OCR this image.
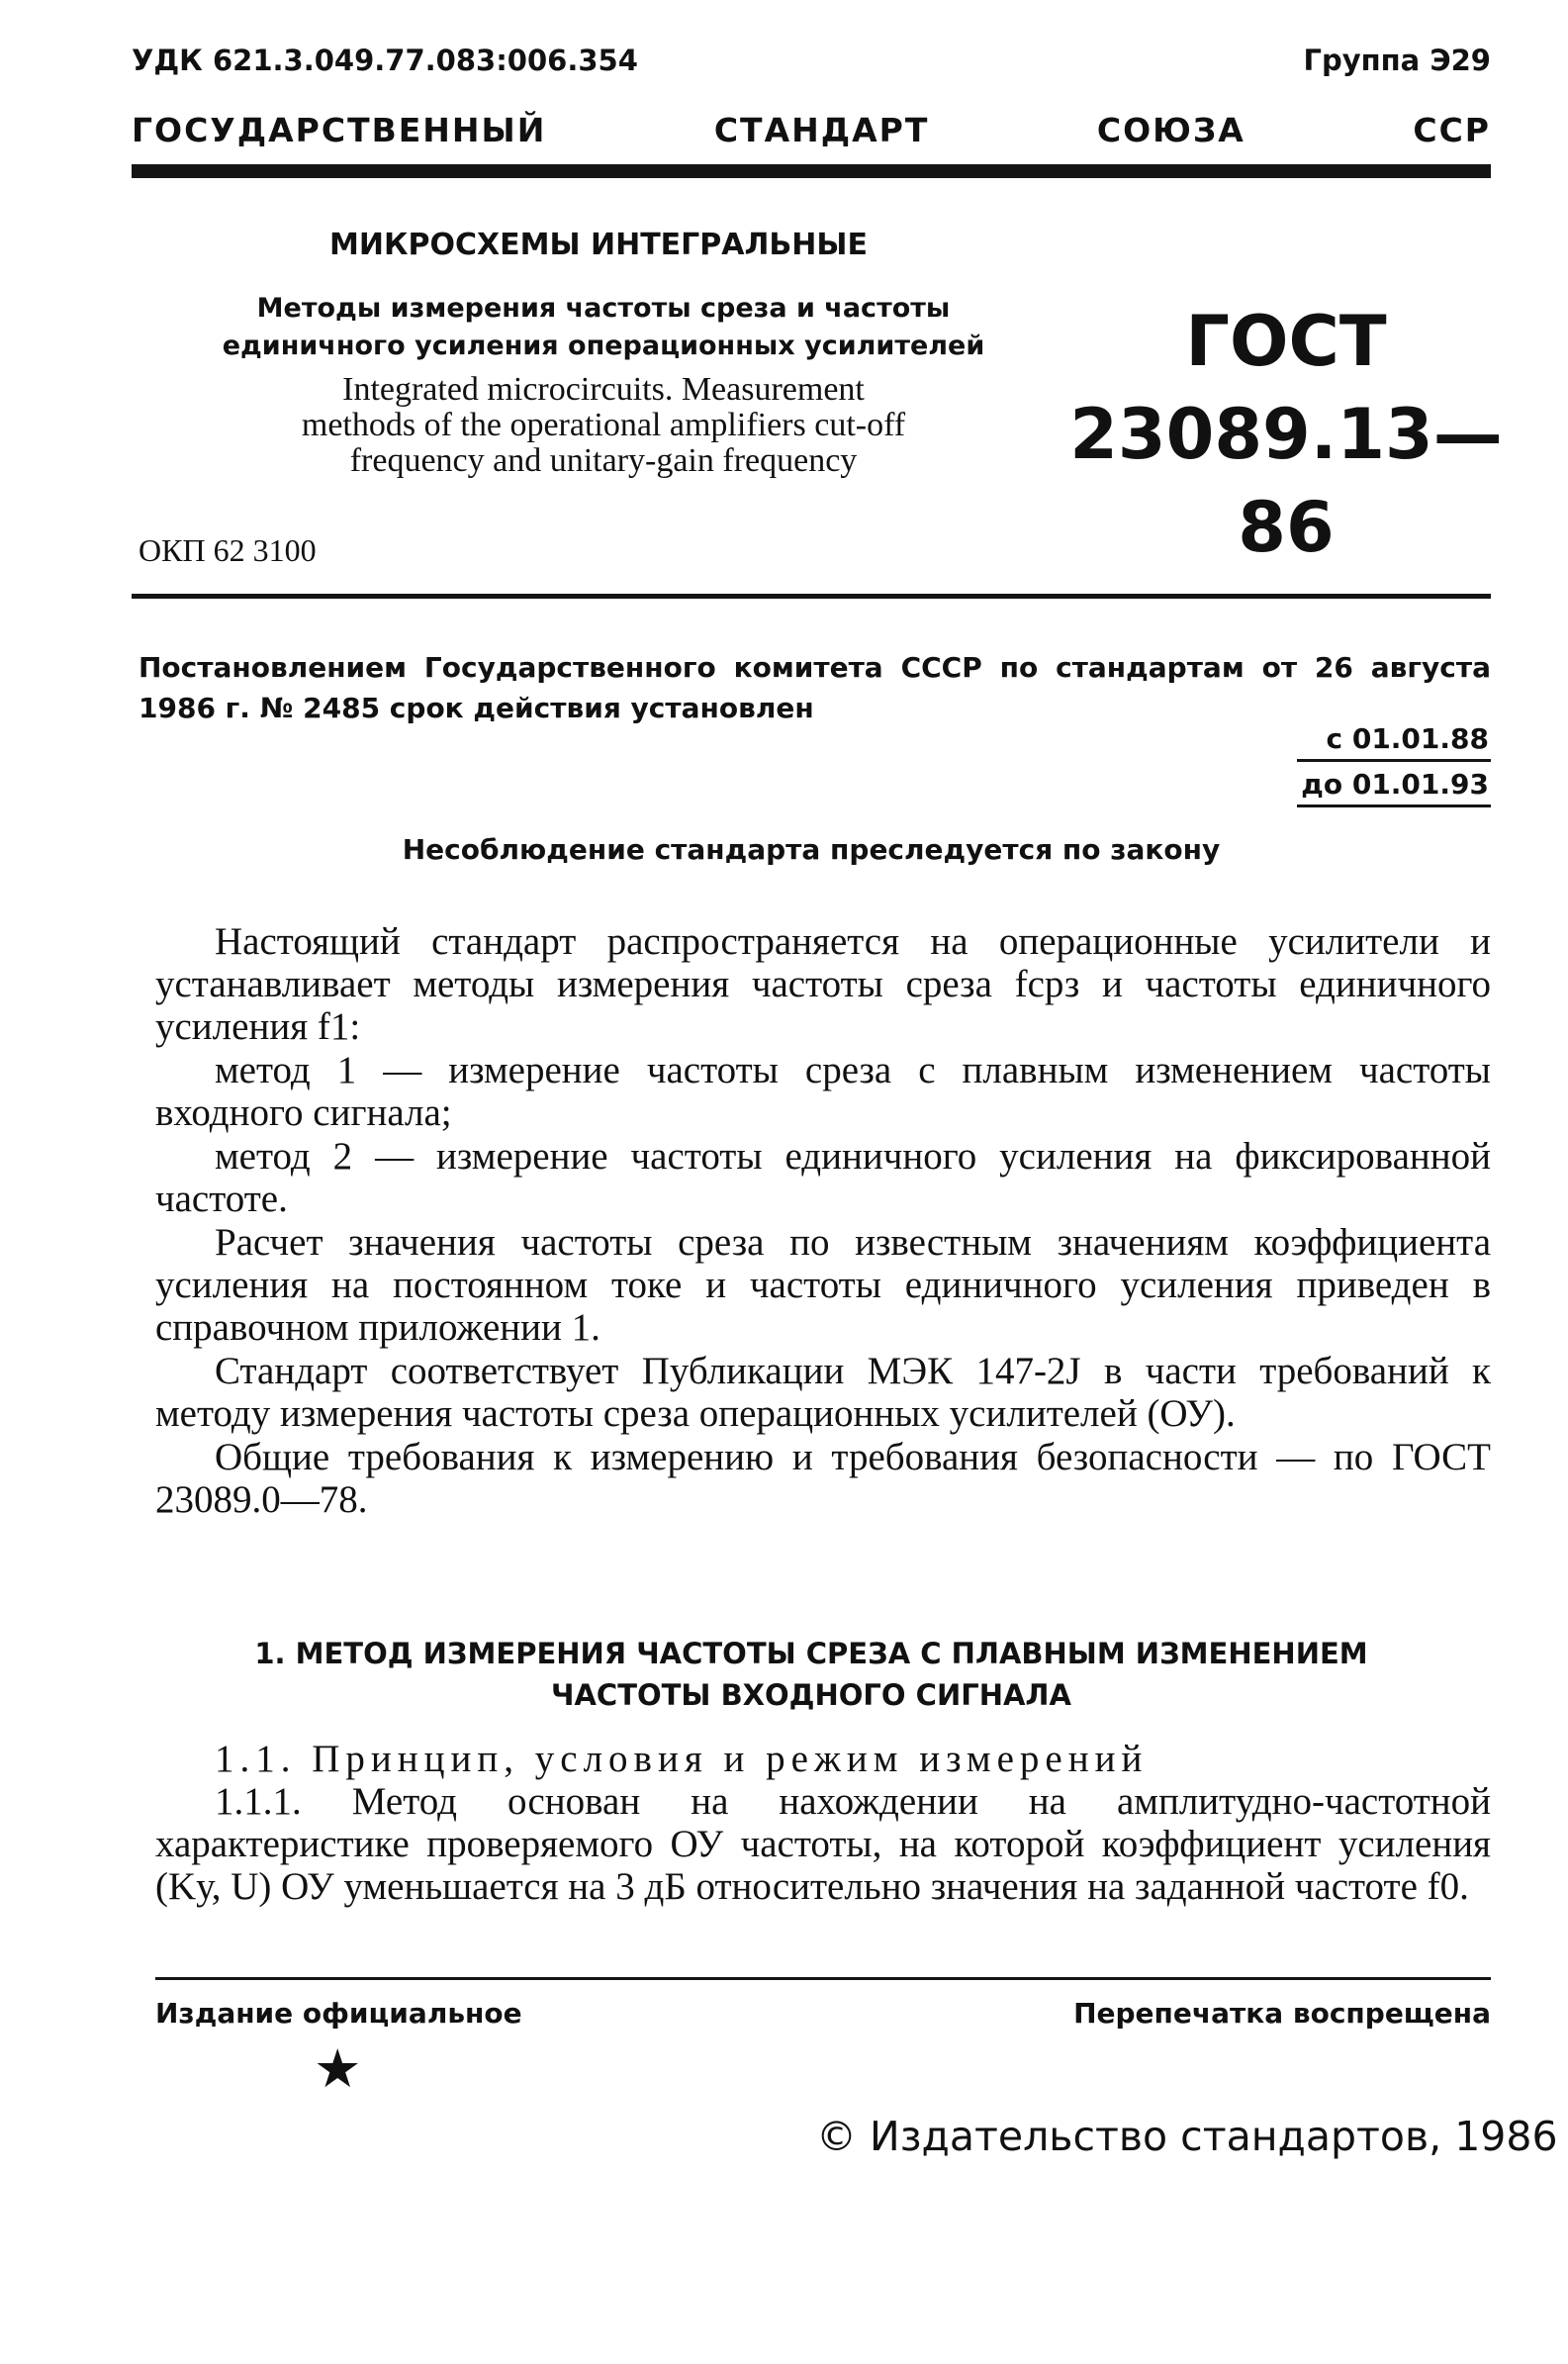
УДК 621.3.049.77.083:006.354	Группа Э29
ГОСУДАРСТВЕННЫЙ	СТАНДАРТ	СОЮЗА	ССР
МИКРОСХЕМЫ ИНТЕГРАЛЬНЫЕ
Методы измерения частоты среза и частоты
единичного усиления операционных усилителей
Integrated microcircuits. Measurement
methods of the operational amplifiers cut-off
frequency and unitary-gain frequency
ГОСТ
23089.13—86
ОКП 62 3100
Постановлением Государственного комитета СССР по стандартам от 26 августа 1986 г. № 2485 срок действия установлен
с 01.01.88
до 01.01.93
Несоблюдение стандарта преследуется по закону

Настоящий стандарт распространяется на операционные усилители и устанавливает методы измерения частоты среза fсрз и частоты единичного усиления f1:

метод 1 — измерение частоты среза с плавным изменением частоты входного сигнала;

метод 2 — измерение частоты единичного усиления на фиксированной частоте.

Расчет значения частоты среза по известным значениям коэффициента усиления на постоянном токе и частоты единичного усиления приведен в справочном приложении 1.

Стандарт соответствует Публикации МЭК 147-2J в части требований к методу измерения частоты среза операционных усилителей (ОУ).

Общие требования к измерению и требования безопасности — по ГОСТ 23089.0—78.

1. МЕТОД ИЗМЕРЕНИЯ ЧАСТОТЫ СРЕЗА С ПЛАВНЫМ ИЗМЕНЕНИЕМ
ЧАСТОТЫ ВХОДНОГО СИГНАЛА

1.1. Принцип, условия и режим измерений

1.1.1. Метод основан на нахождении на амплитудно-частотной характеристике проверяемого ОУ частоты, на которой коэффициент усиления (Kу, U) ОУ уменьшается на 3 дБ относительно значения на заданной частоте f0.

Издание официальное	Перепечатка воспрещена
★
© Издательство стандартов, 1986
